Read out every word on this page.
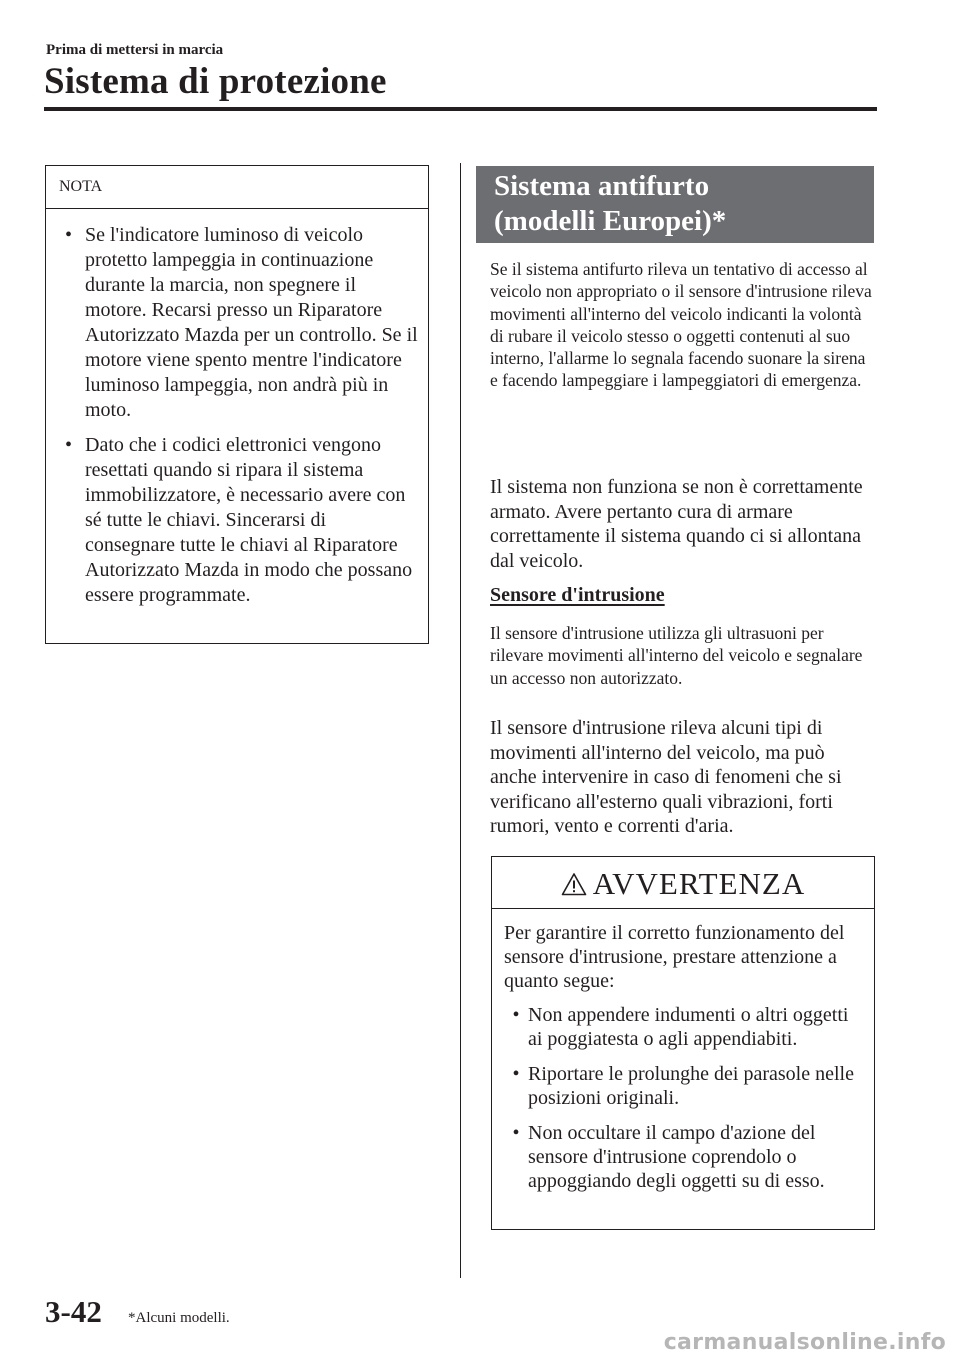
Prima di mettersi in marcia
Sistema di protezione
NOTA
• Se l'indicatore luminoso di veicolo protetto lampeggia in continuazione durante la marcia, non spegnere il motore. Recarsi presso un Riparatore Autorizzato Mazda per un controllo. Se il motore viene spento mentre l'indicatore luminoso lampeggia, non andrà più in moto.
• Dato che i codici elettronici vengono resettati quando si ripara il sistema immobilizzatore, è necessario avere con sé tutte le chiavi. Sincerarsi di consegnare tutte le chiavi al Riparatore Autorizzato Mazda in modo che possano essere programmate.
Sistema antifurto
(modelli Europei)*
Se il sistema antifurto rileva un tentativo di accesso al veicolo non appropriato o il sensore d'intrusione rileva movimenti all'interno del veicolo indicanti la volontà di rubare il veicolo stesso o oggetti contenuti al suo interno, l'allarme lo segnala facendo suonare la sirena e facendo lampeggiare i lampeggiatori di emergenza.
Il sistema non funziona se non è correttamente armato. Avere pertanto cura di armare correttamente il sistema quando ci si allontana dal veicolo.
Sensore d'intrusione
Il sensore d'intrusione utilizza gli ultrasuoni per rilevare movimenti all'interno del veicolo e segnalare un accesso non autorizzato.
Il sensore d'intrusione rileva alcuni tipi di movimenti all'interno del veicolo, ma può anche intervenire in caso di fenomeni che si verificano all'esterno quali vibrazioni, forti rumori, vento e correnti d'aria.
AVVERTENZA
Per garantire il corretto funzionamento del sensore d'intrusione, prestare attenzione a quanto segue:
• Non appendere indumenti o altri oggetti ai poggiatesta o agli appendiabiti.
• Riportare le prolunghe dei parasole nelle posizioni originali.
• Non occultare il campo d'azione del sensore d'intrusione coprendolo o appoggiando degli oggetti su di esso.
3-42 *Alcuni modelli.
carmanualsonline.info
